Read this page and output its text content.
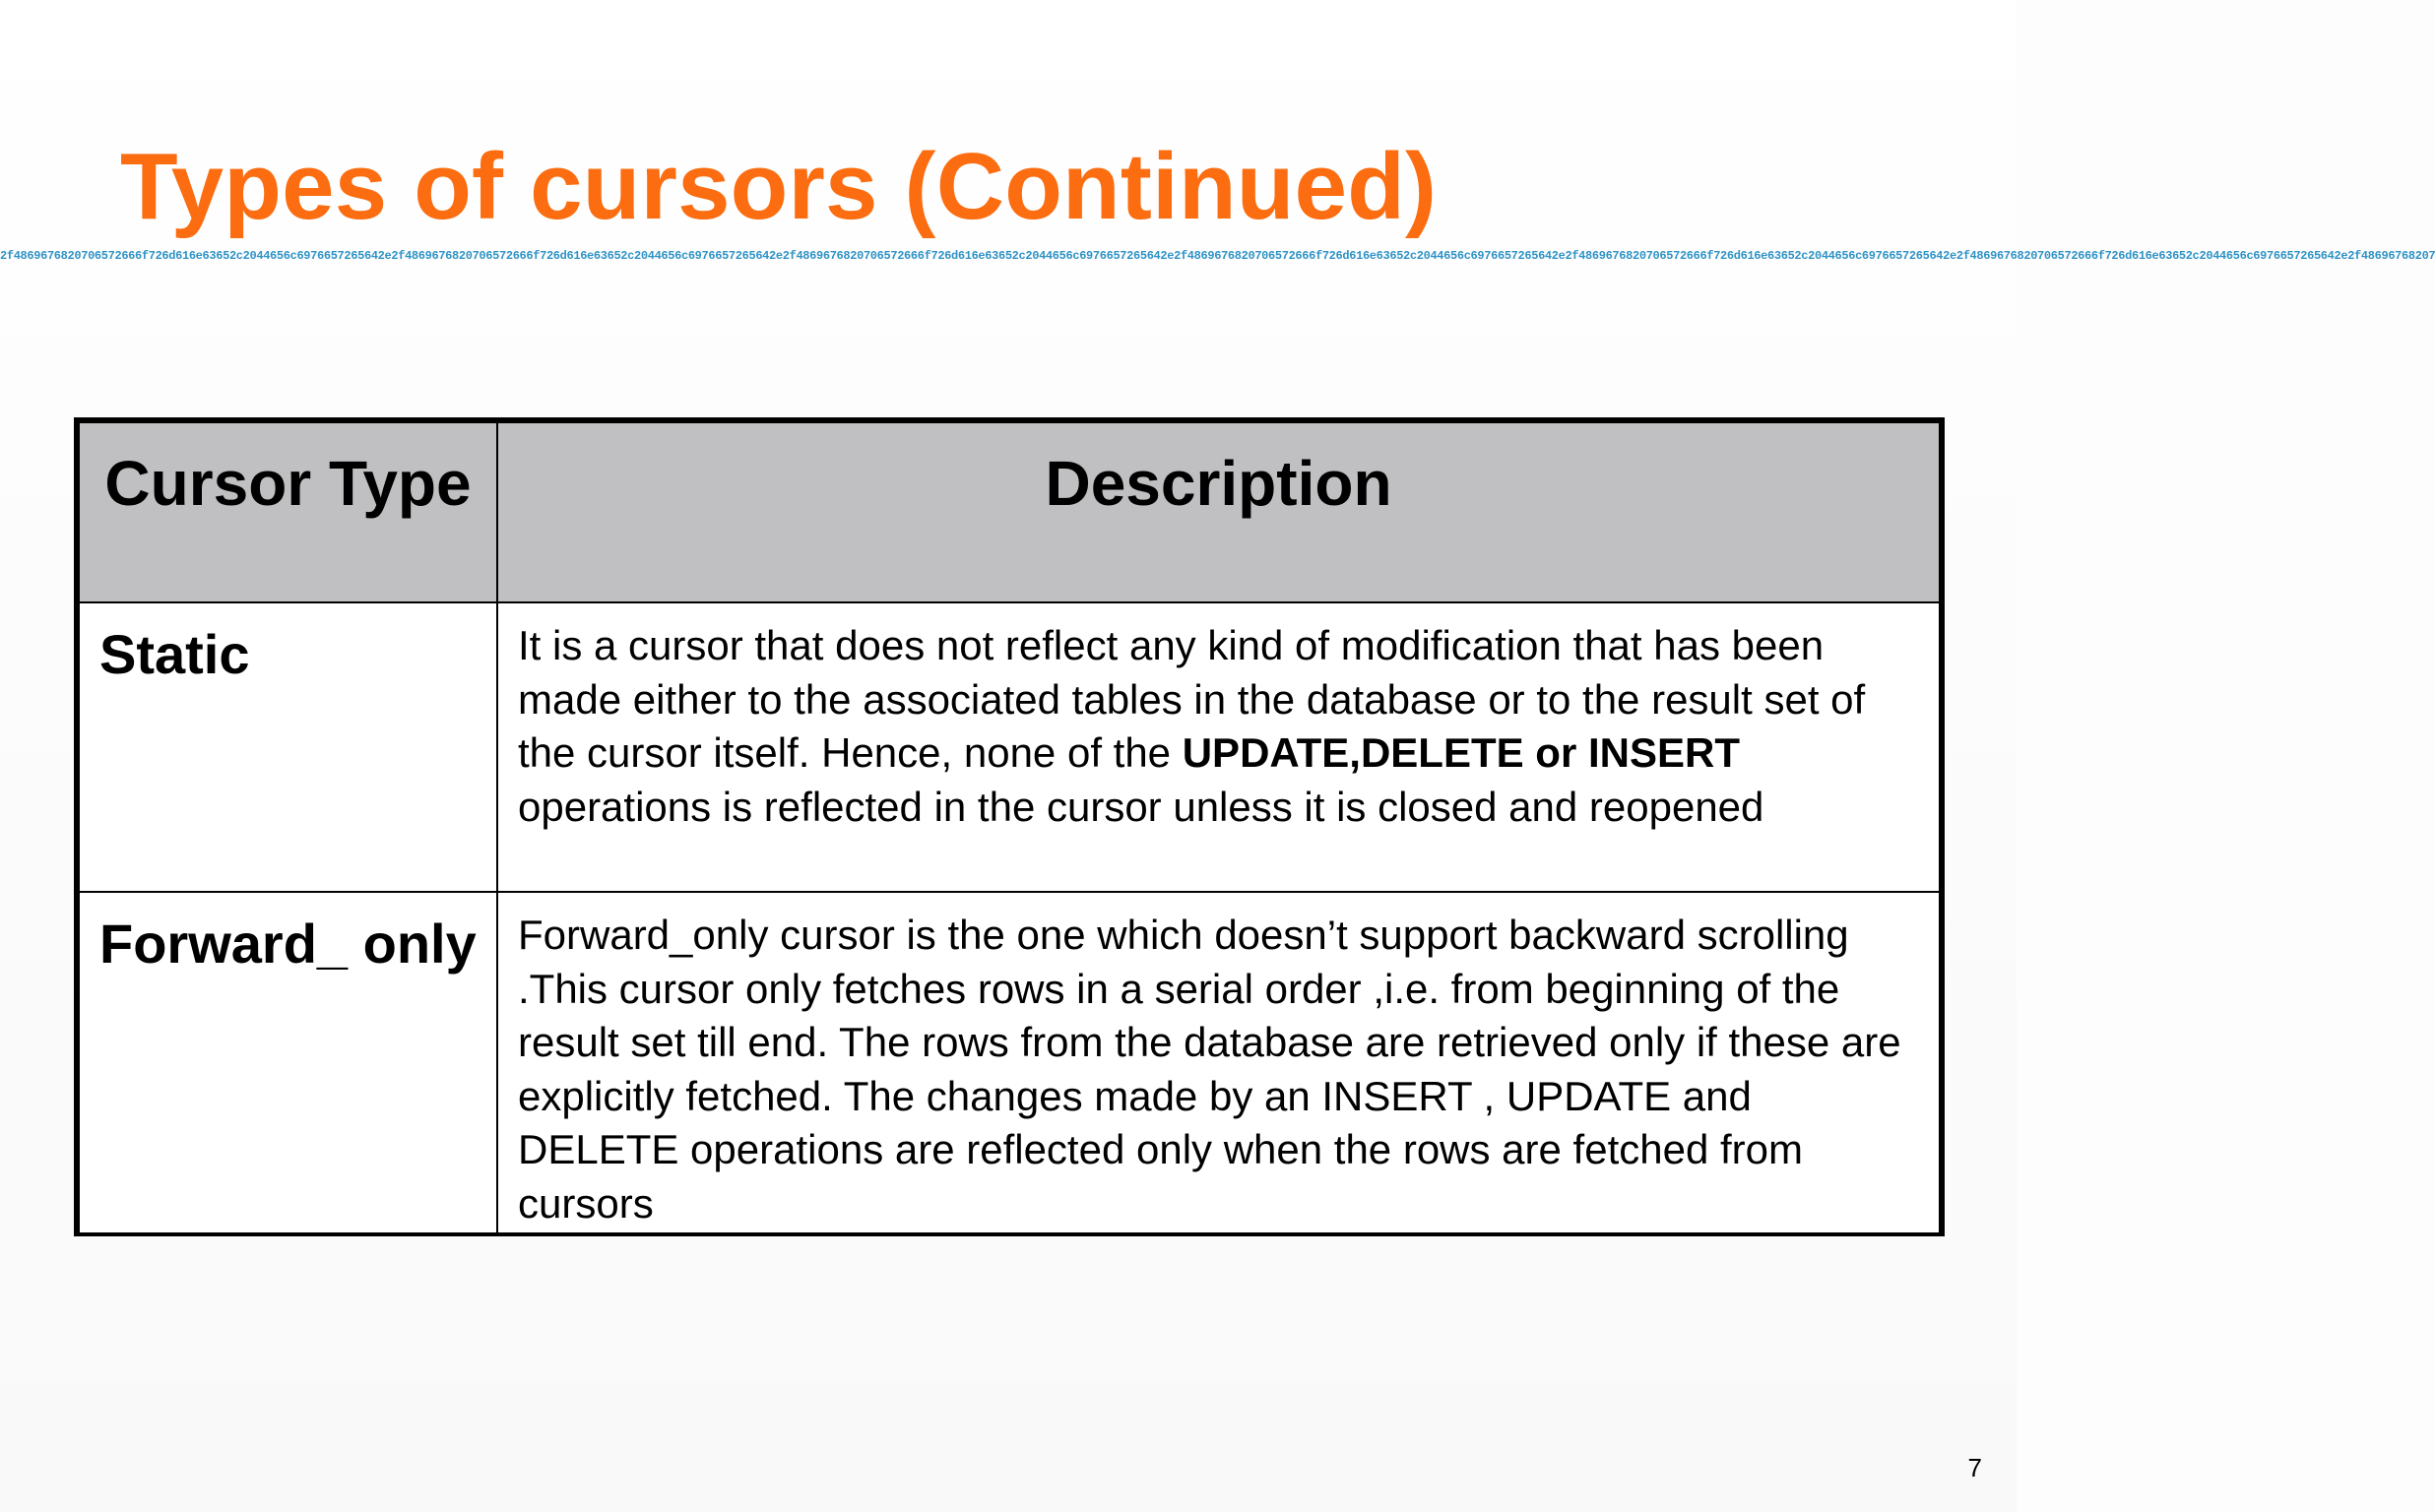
Types of cursors (Continued)
2f4869676820706572666f726d616e63652c2044656c6976657265642e2f4869676820706572666f726d616e63652c2044656c6976657265642e2f4869676820706572666f726d616e63652c2044656c6976657265642e2f4869676820706572666f726d616e63652c2044656c6976657265642e2f4869676820706572666f726d616e63652c2044656c6976657265642e2f4869676820706572666f726d616e63652c2044656c6976657265642e2f48696768207
Cursor Type	Description
Static	It is a cursor that does not reflect any kind of modification that has been made either to the associated tables in the database or to the result set of the cursor itself. Hence, none of the UPDATE,DELETE or INSERT operations is reflected in the cursor unless it is closed and reopened
Forward_ only	Forward_only cursor is the one which doesn’t support backward scrolling .This cursor only fetches rows in a serial order ,i.e. from beginning of the result set till end. The rows from the database are retrieved only if these are explicitly fetched. The changes made by an INSERT , UPDATE and DELETE operations are reflected only when the rows are fetched from cursors
7
